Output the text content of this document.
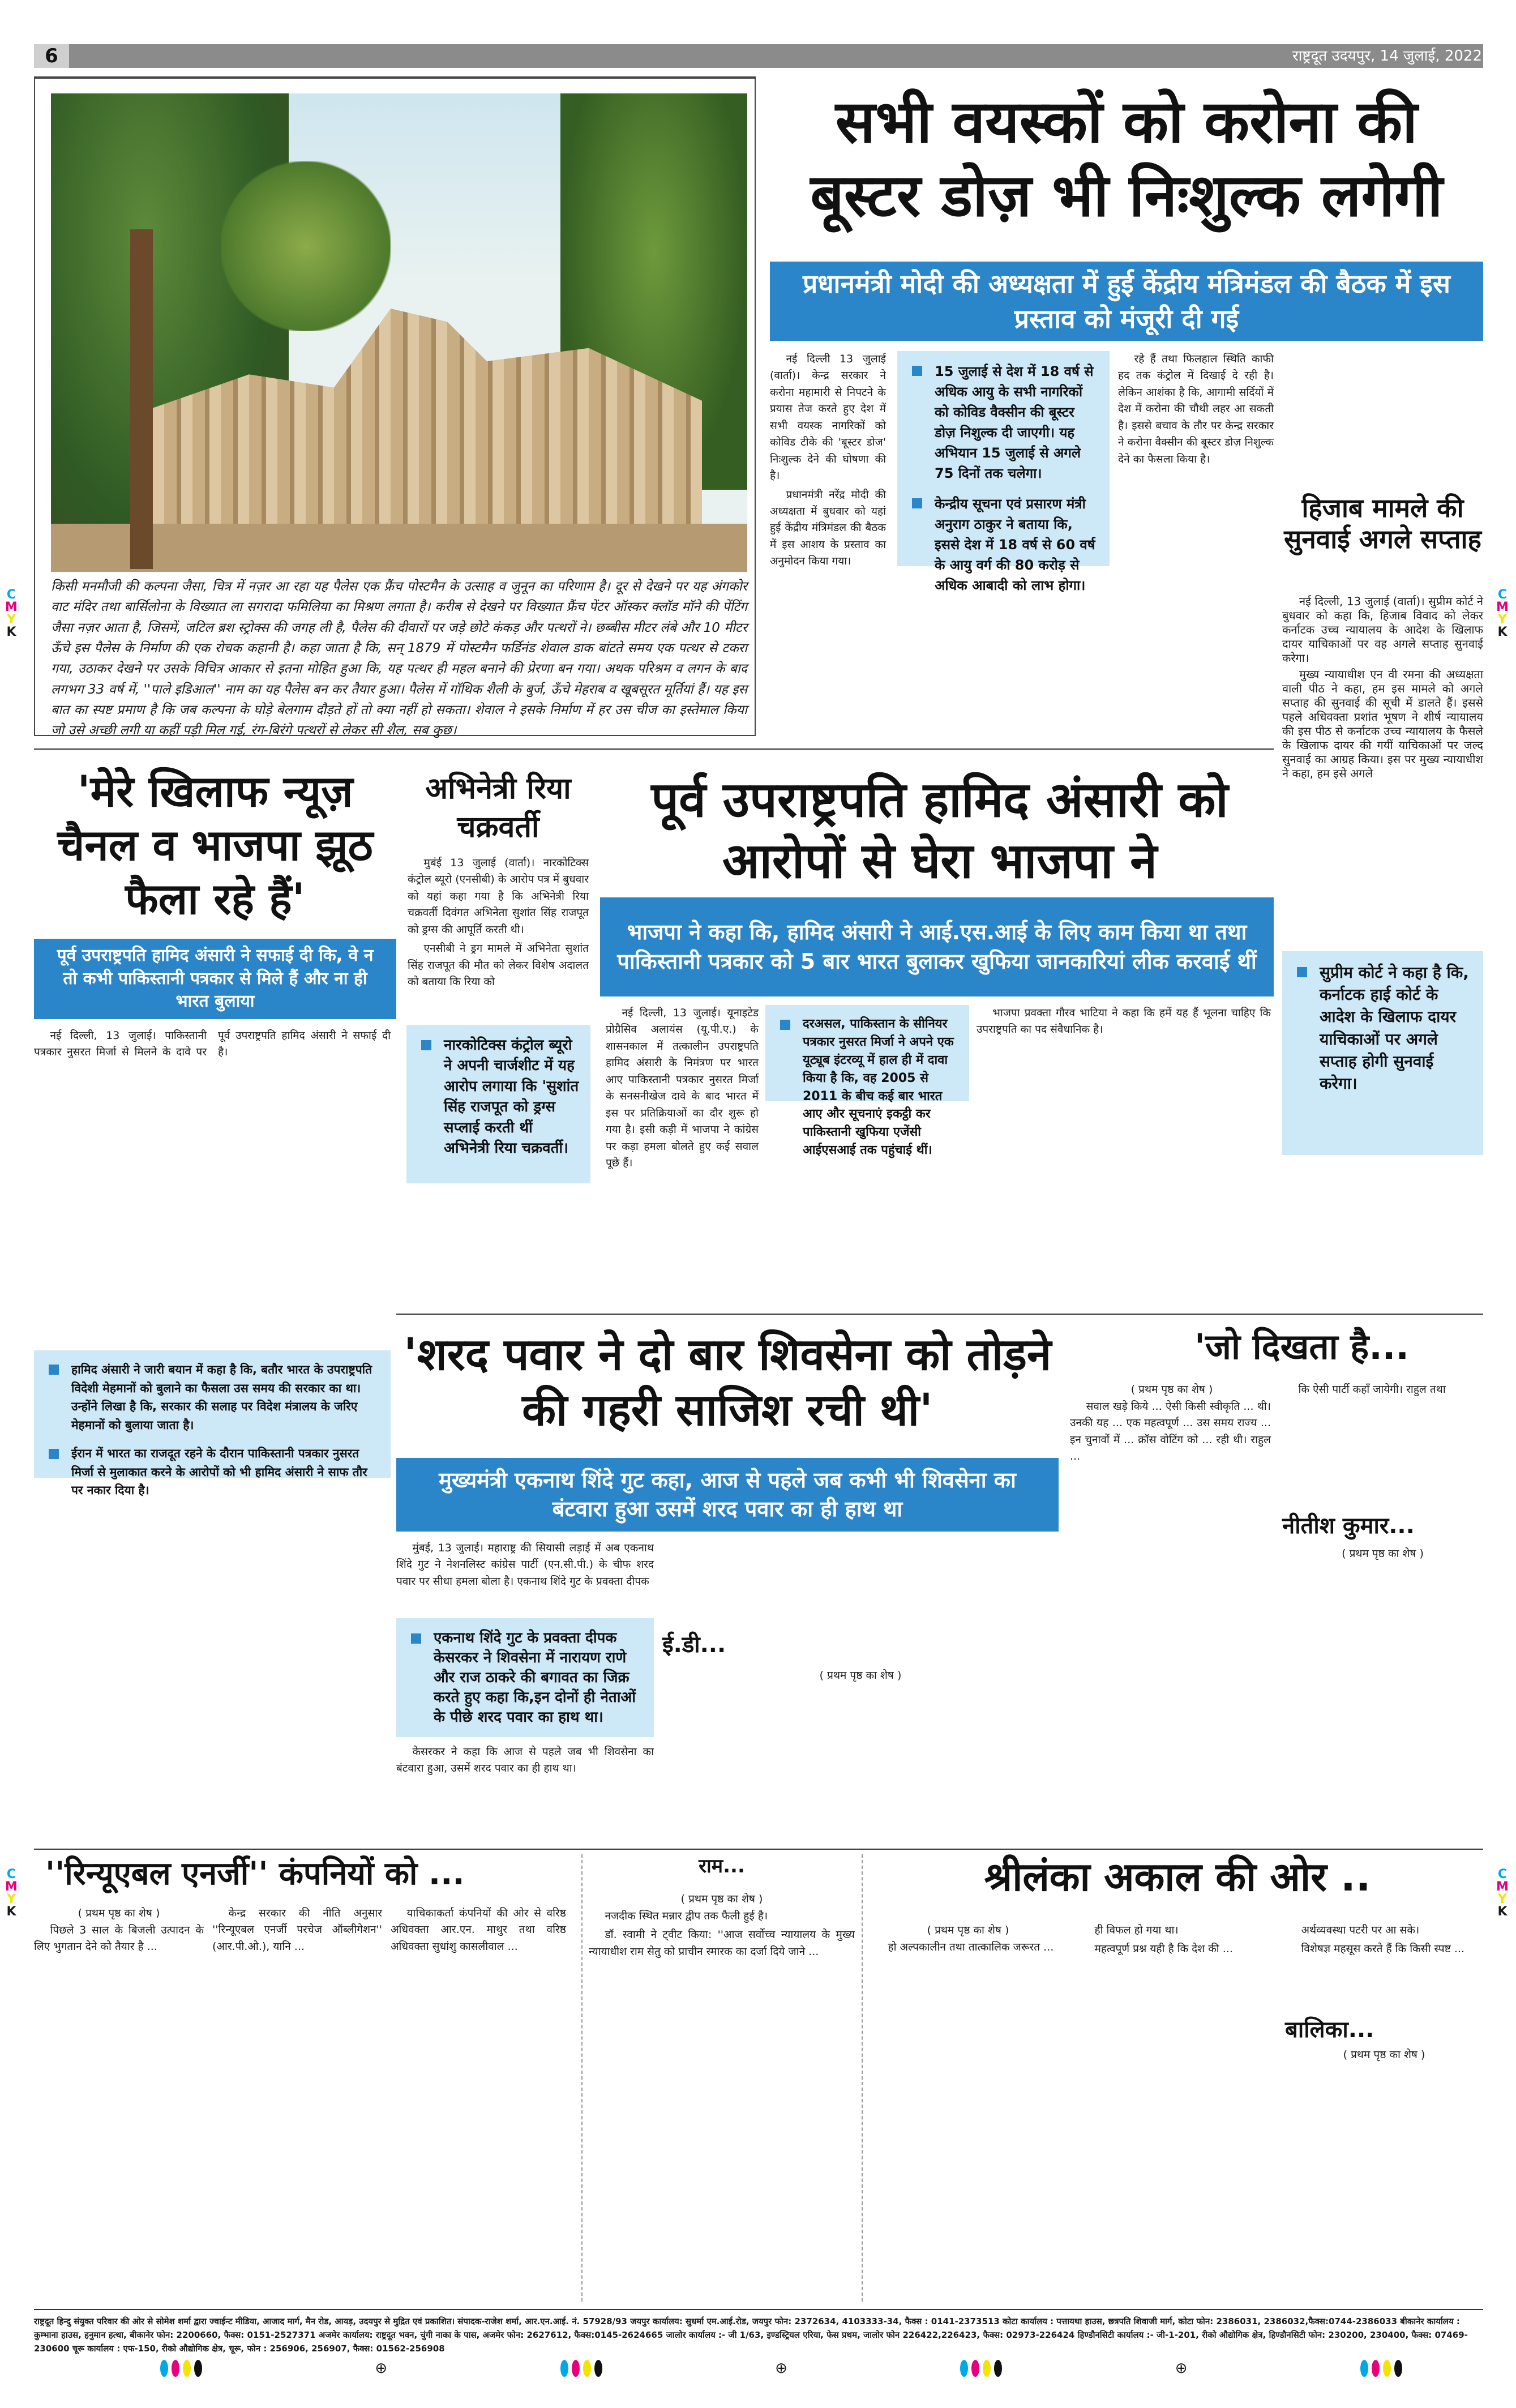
6	राष्ट्रदूत उदयपुर, 14 जुलाई, 2022
C
M
Y
K
C
M
Y
K
C
M
Y
K
C
M
Y
K
किसी मनमौजी की कल्पना जैसा, चित्र में नज़र आ रहा यह पैलेस एक फ्रैंच पोस्टमैन के उत्साह व जुनून का परिणाम है। दूर से देखने पर यह अंगकोर वाट मंदिर तथा बार्सिलोना के विख्यात ला सगरादा फमिलिया का मिश्रण लगता है। करीब से देखने पर विख्यात फ्रैंच पेंटर ऑस्कर क्लॉड मॉने की पेंटिंग जैसा नज़र आता है, जिसमें, जटिल ब्रश स्ट्रोक्स की जगह ली है, पैलेस की दीवारों पर जड़े छोटे कंकड़ और पत्थरों ने। छब्बीस मीटर लंबे और 10 मीटर ऊँचे इस पैलेस के निर्माण की एक रोचक कहानी है। कहा जाता है कि, सन् 1879 में पोस्टमैन फर्डिनंड शेवाल डाक बांटते समय एक पत्थर से टकरा गया, उठाकर देखने पर उसके विचित्र आकार से इतना मोहित हुआ कि, यह पत्थर ही महल बनाने की प्रेरणा बन गया। अथक परिश्रम व लगन के बाद लगभग 33 वर्ष में, ''पाले इडिआल'' नाम का यह पैलेस बन कर तैयार हुआ। पैलेस में गॉथिक शैली के बुर्ज, ऊँचे मेहराब व खूबसूरत मूर्तियां हैं। यह इस बात का स्पष्ट प्रमाण है कि जब कल्पना के घोड़े बेलगाम दौड़ते हों तो क्या नहीं हो सकता। शेवाल ने इसके निर्माण में हर उस चीज का इस्तेमाल किया जो उसे अच्छी लगी या कहीं पड़ी मिल गई, रंग-बिरंगे पत्थरों से लेकर सी शैल, सब कुछ।
सभी वयस्कों को करोना की बूस्टर डोज़ भी निःशुल्क लगेगी
प्रधानमंत्री मोदी की अध्यक्षता में हुई केंद्रीय मंत्रिमंडल की बैठक में इस प्रस्ताव को मंजूरी दी गई

नई दिल्ली 13 जुलाई (वार्ता)। केन्द्र सरकार ने करोना महामारी से निपटने के प्रयास तेज करते हुए देश में सभी वयस्क नागरिकों को कोविड टीके की 'बूस्टर डोज' निःशुल्क देने की घोषणा की है।

प्रधानमंत्री नरेंद्र मोदी की अध्यक्षता में बुधवार को यहां हुई केंद्रीय मंत्रिमंडल की बैठक में इस आशय के प्रस्ताव का अनुमोदन किया गया।

15 जुलाई से देश में 18 वर्ष से अधिक आयु के सभी नागरिकों को कोविड वैक्सीन की बूस्टर डोज़ निशुल्क दी जाएगी। यह अभियान 15 जुलाई से अगले 75 दिनों तक चलेगा।

केन्द्रीय सूचना एवं प्रसारण मंत्री अनुराग ठाकुर ने बताया कि, इससे देश में 18 वर्ष से 60 वर्ष के आयु वर्ग की 80 करोड़ से अधिक आबादी को लाभ होगा।

रहे हैं तथा फिलहाल स्थिति काफी हद तक कंट्रोल में दिखाई दे रही है। लेकिन आशंका है कि, आगामी सर्दियों में देश में करोना की चौथी लहर आ सकती है। इससे बचाव के तौर पर केन्द्र सरकार ने करोना वैक्सीन की बूस्टर डोज़ निशुल्क देने का फैसला किया है।

हिजाब मामले की सुनवाई अगले सप्ताह

नई दिल्ली, 13 जुलाई (वार्ता)। सुप्रीम कोर्ट ने बुधवार को कहा कि, हिजाब विवाद को लेकर कर्नाटक उच्च न्यायालय के आदेश के खिलाफ दायर याचिकाओं पर वह अगले सप्ताह सुनवाई करेगा।

मुख्य न्यायाधीश एन वी रमना की अध्यक्षता वाली पीठ ने कहा, हम इस मामले को अगले सप्ताह की सुनवाई की सूची में डालते हैं। इससे पहले अधिवक्ता प्रशांत भूषण ने शीर्ष न्यायालय की इस पीठ से कर्नाटक उच्च न्यायालय के फैसले के खिलाफ दायर की गयीं याचिकाओं पर जल्द सुनवाई का आग्रह किया। इस पर मुख्य न्यायाधीश ने कहा, हम इसे अगले

सुप्रीम कोर्ट ने कहा है कि, कर्नाटक हाई कोर्ट के आदेश के खिलाफ दायर याचिकाओं पर अगले सप्ताह होगी सुनवाई करेगा।

'मेरे खिलाफ न्यूज़ चैनल व भाजपा झूठ फैला रहे हैं'
पूर्व उपराष्ट्रपति हामिद अंसारी ने सफाई दी कि, वे न तो कभी पाकिस्तानी पत्रकार से मिले हैं और ना ही भारत बुलाया

नई दिल्ली, 13 जुलाई। पाकिस्तानी पत्रकार नुसरत मिर्जा से मिलने के दावे पर पूर्व उपराष्ट्रपति हामिद अंसारी ने सफाई दी है।

हामिद अंसारी ने जारी बयान में कहा है कि, बतौर भारत के उपराष्ट्रपति विदेशी मेहमानों को बुलाने का फैसला उस समय की सरकार का था। उन्होंने लिखा है कि, सरकार की सलाह पर विदेश मंत्रालय के जरिए मेहमानों को बुलाया जाता है।

ईरान में भारत का राजदूत रहने के दौरान पाकिस्तानी पत्रकार नुसरत मिर्जा से मुलाकात करने के आरोपों को भी हामिद अंसारी ने साफ तौर पर नकार दिया है।

अभिनेत्री रिया चक्रवर्ती

मुबंई 13 जुलाई (वार्ता)। नारकोटिक्स कंट्रोल ब्यूरो (एनसीबी) के आरोप पत्र में बुधवार को यहां कहा गया है कि अभिनेत्री रिया चक्रवर्ती दिवंगत अभिनेता सुशांत सिंह राजपूत को ड्रग्स की आपूर्ति करती थी।

एनसीबी ने ड्रग मामले में अभिनेता सुशांत सिंह राजपूत की मौत को लेकर विशेष अदालत को बताया कि रिया को

नारकोटिक्स कंट्रोल ब्यूरो ने अपनी चार्जशीट में यह आरोप लगाया कि 'सुशांत सिंह राजपूत को ड्रग्स सप्लाई करती थीं अभिनेत्री रिया चक्रवर्ती।

पूर्व उपराष्ट्रपति हामिद अंसारी को आरोपों से घेरा भाजपा ने
भाजपा ने कहा कि, हामिद अंसारी ने आई.एस.आई के लिए काम किया था तथा पाकिस्तानी पत्रकार को 5 बार भारत बुलाकर खुफिया जानकारियां लीक करवाई थीं

नई दिल्ली, 13 जुलाई। यूनाइटेड प्रोग्रैसिव अलायंस (यू.पी.ए.) के शासनकाल में तत्कालीन उपराष्ट्रपति हामिद अंसारी के निमंत्रण पर भारत आए पाकिस्तानी पत्रकार नुसरत मिर्जा के सनसनीखेज दावे के बाद भारत में इस पर प्रतिक्रियाओं का दौर शुरू हो गया है। इसी कड़ी में भाजपा ने कांग्रेस पर कड़ा हमला बोलते हुए कई सवाल पूछे हैं।

दरअसल, पाकिस्तान के सीनियर पत्रकार नुसरत मिर्जा ने अपने एक यूट्यूब इंटरव्यू में हाल ही में दावा किया है कि, वह 2005 से 2011 के बीच कई बार भारत आए और सूचनाएं इकट्ठी कर पाकिस्तानी खुफिया एजेंसी आईएसआई तक पहुंचाई थीं।

भाजपा प्रवक्ता गौरव भाटिया ने कहा कि हमें यह हैं भूलना चाहिए कि उपराष्ट्रपति का पद संवैधानिक है।

'शरद पवार ने दो बार शिवसेना को तोड़ने की गहरी साजिश रची थी'
मुख्यमंत्री एकनाथ शिंदे गुट कहा, आज से पहले जब कभी भी शिवसेना का बंटवारा हुआ उसमें शरद पवार का ही हाथ था

मुंबई, 13 जुलाई। महाराष्ट्र की सियासी लड़ाई में अब एकनाथ शिंदे गुट ने नेशनलिस्ट कांग्रेस पार्टी (एन.सी.पी.) के चीफ शरद पवार पर सीधा हमला बोला है। एकनाथ शिंदे गुट के प्रवक्ता दीपक

एकनाथ शिंदे गुट के प्रवक्ता दीपक केसरकर ने शिवसेना में नारायण राणे और राज ठाकरे की बगावत का जिक्र करते हुए कहा कि,इन दोनों ही नेताओं के पीछे शरद पवार का हाथ था।

केसरकर ने कहा कि आज से पहले जब भी शिवसेना का बंटवारा हुआ, उसमें शरद पवार का ही हाथ था।

ई.डी...
( प्रथम पृष्ठ का शेष )
'जो दिखता है...
( प्रथम पृष्ठ का शेष )

सवाल खड़े किये ... ऐसी किसी स्वीकृति ... थी। उनकी यह ... एक महत्वपूर्ण ... उस समय राज्य ... इन चुनावों में ... क्रॉस वोटिंग को ... रही थी। राहुल ...

कि ऐसी पार्टी कहाँ जायेगी। राहुल तथा

नीतीश कुमार...
( प्रथम पृष्ठ का शेष )
''रिन्यूएबल एनर्जी'' कंपनियों को ...
( प्रथम पृष्ठ का शेष )

पिछले 3 साल के बिजली उत्पादन के लिए भुगतान देने को तैयार है ...

केन्द्र सरकार की नीति अनुसार ''रिन्यूएबल एनर्जी परचेज ऑब्लीगेशन'' (आर.पी.ओ.), यानि ...

याचिकाकर्ता कंपनियों की ओर से वरिष्ठ अधिवक्ता आर.एन. माथुर तथा वरिष्ठ अधिवक्ता सुधांशु कासलीवाल ...

राम...
( प्रथम पृष्ठ का शेष )

नजदीक स्थित मन्नार द्वीप तक फैली हुई है।

डॉ. स्वामी ने ट्वीट किया: ''आज सर्वोच्च न्यायालय के मुख्य न्यायाधीश राम सेतु को प्राचीन स्मारक का दर्जा दिये जाने ...

श्रीलंका अकाल की ओर ..
( प्रथम पृष्ठ का शेष )

हो अल्पकालीन तथा तात्कालिक जरूरत ...

ही विफल हो गया था।

महत्वपूर्ण प्रश्न यही है कि देश की ...

अर्थव्यवस्था पटरी पर आ सके।

विशेषज्ञ महसूस करते हैं कि किसी स्पष्ट ...

बालिका...
( प्रथम पृष्ठ का शेष )
राष्ट्रदूत हिन्दु संयुक्त परिवार की ओर से सोमेश शर्मा द्वारा ज्वाईन्ट मीडिया, आजाद मार्ग, मैन रोड, आयड़, उदयपुर से मुद्रित एवं प्रकाशित। संपादक-राजेश शर्मा, आर.एन.आई. नं. 57928/93 जयपुर कार्यालय: सुधर्मा एम.आई.रोड, जयपुर फोन: 2372634, 4103333-34, फैक्स : 0141-2373513 कोटा कार्यालय : पत्तायथा हाउस, छत्रपति शिवाजी मार्ग, कोटा फोन: 2386031, 2386032,फैक्स:0744-2386033 बीकानेर कार्यालय : कुम्भाना हाउस, हनुमान हत्था, बीकानेर फोन: 2200660, फैक्स: 0151-2527371 अजमेर कार्यालय: राष्ट्रदूत भवन, चुंगी नाका के पास, अजमेर फोन: 2627612, फैक्स:0145-2624665 जालोर कार्यालय :- जी 1/63, इण्डस्ट्रियल एरिया, फेस प्रथम, जालोर फोन 226422,226423, फैक्स: 02973-226424 हिण्डौनसिटी कार्यालय :- जी-1-201, रीको औद्योगिक क्षेत्र, हिण्डौनसिटी फोन: 230200, 230400, फैक्स: 07469-230600 चूरू कार्यालय : एफ-150, रीको औद्योगिक क्षेत्र, चूरू, फोन : 256906, 256907, फैक्स: 01562-256908
⊕	⊕	⊕
